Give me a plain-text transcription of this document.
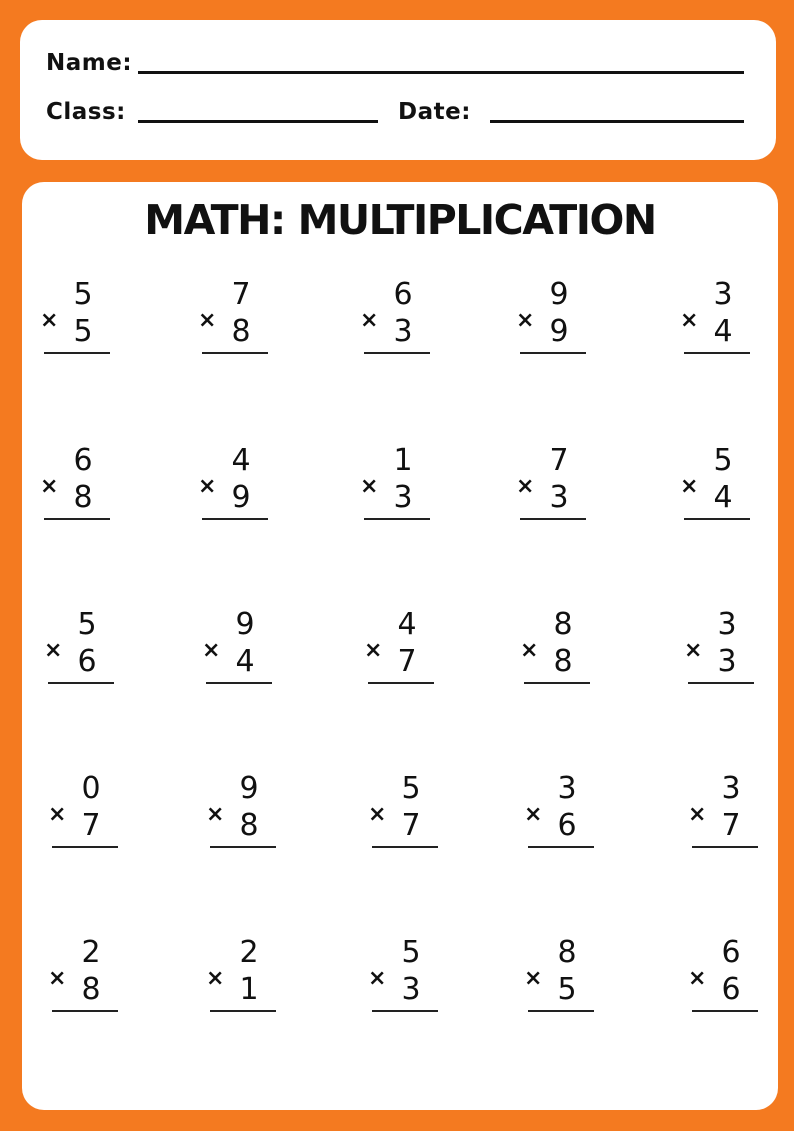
Name:
Class:	Date:
MATH: MULTIPLICATION
5
× 5
7
× 8
6
× 3
9
× 9
3
× 4
6
× 8
4
× 9
1
× 3
7
× 3
5
× 4
5
× 6
9
× 4
4
× 7
8
× 8
3
× 3
0
× 7
9
× 8
5
× 7
3
× 6
3
× 7
2
× 8
2
× 1
5
× 3
8
× 5
6
× 6
